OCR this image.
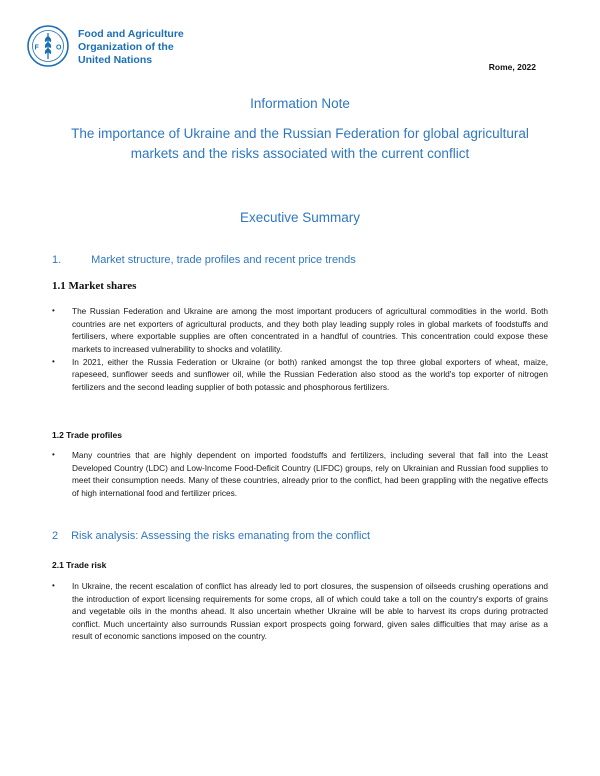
F O
Food and Agriculture
Organization of the
United Nations
Rome, 2022
Information Note
The importance of Ukraine and the Russian Federation for global agricultural markets and the risks associated with the current conflict
Executive Summary
1.	Market structure, trade profiles and recent price trends
1.1 Market shares
• The Russian Federation and Ukraine are among the most important producers of agricultural commodities in the world. Both countries are net exporters of agricultural products, and they both play leading supply roles in global markets of foodstuffs and fertilisers, where exportable supplies are often concentrated in a handful of countries. This concentration could expose these markets to increased vulnerability to shocks and volatility.
• In 2021, either the Russia Federation or Ukraine (or both) ranked amongst the top three global exporters of wheat, maize, rapeseed, sunflower seeds and sunflower oil, while the Russian Federation also stood as the world's top exporter of nitrogen fertilizers and the second leading supplier of both potassic and phosphorous fertilizers.
1.2 Trade profiles
• Many countries that are highly dependent on imported foodstuffs and fertilizers, including several that fall into the Least Developed Country (LDC) and Low-Income Food-Deficit Country (LIFDC) groups, rely on Ukrainian and Russian food supplies to meet their consumption needs. Many of these countries, already prior to the conflict, had been grappling with the negative effects of high international food and fertilizer prices.
2 Risk analysis: Assessing the risks emanating from the conflict
2.1 Trade risk
• In Ukraine, the recent escalation of conflict has already led to port closures, the suspension of oilseeds crushing operations and the introduction of export licensing requirements for some crops, all of which could take a toll on the country's exports of grains and vegetable oils in the months ahead. It also uncertain whether Ukraine will be able to harvest its crops during protracted conflict. Much uncertainty also surrounds Russian export prospects going forward, given sales difficulties that may arise as a result of economic sanctions imposed on the country.
